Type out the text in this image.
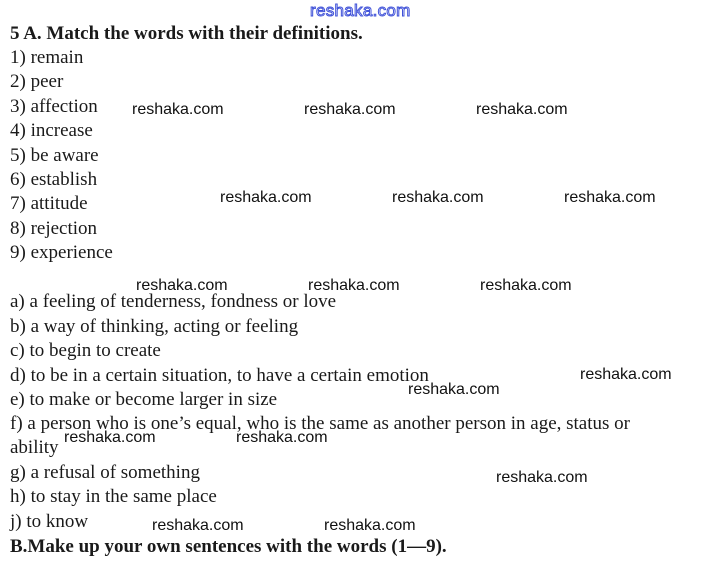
reshaka.com
5 A. Match the words with their definitions.
1) remain
2) peer
3) affection
4) increase
5) be aware
6) establish
7) attitude
8) rejection
9) experience
a) a feeling of tenderness, fondness or love
b) a way of thinking, acting or feeling
c) to begin to create
d) to be in a certain situation, to have a certain emotion
e) to make or become larger in size
f) a person who is one’s equal, who is the same as another person in age, status or
ability
g) a refusal of something
h) to stay in the same place
j) to know
B.Make up your own sentences with the words (1—9).
reshaka.com	reshaka.com	reshaka.com
reshaka.com	reshaka.com	reshaka.com
reshaka.com	reshaka.com	reshaka.com
reshaka.com
reshaka.com
reshaka.com	reshaka.com
reshaka.com
reshaka.com	reshaka.com
